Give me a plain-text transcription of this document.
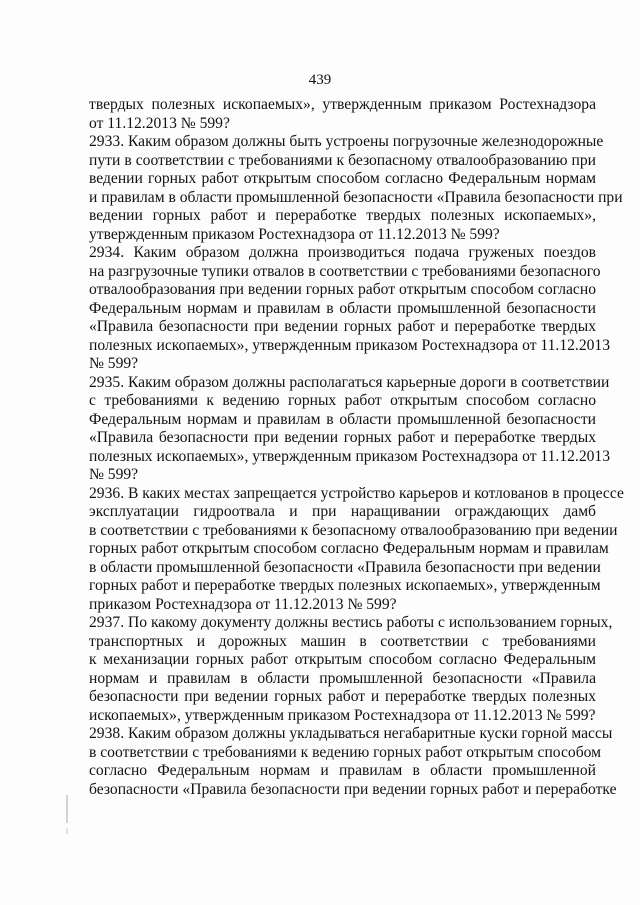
439
твердых полезных ископаемых», утвержденным приказом Ростехнадзора
от 11.12.2013 № 599?
2933. Каким образом должны быть устроены погрузочные железнодорожные
пути в соответствии с требованиями к безопасному отвалообразованию при
ведении горных работ открытым способом согласно Федеральным нормам
и правилам в области промышленной безопасности «Правила безопасности при
ведении горных работ и переработке твердых полезных ископаемых»,
утвержденным приказом Ростехнадзора от 11.12.2013 № 599?
2934. Каким образом должна производиться подача груженых поездов
на разгрузочные тупики отвалов в соответствии с требованиями безопасного
отвалообразования при ведении горных работ открытым способом согласно
Федеральным нормам и правилам в области промышленной безопасности
«Правила безопасности при ведении горных работ и переработке твердых
полезных ископаемых», утвержденным приказом Ростехнадзора от 11.12.2013
№ 599?
2935. Каким образом должны располагаться карьерные дороги в соответствии
с требованиями к ведению горных работ открытым способом согласно
Федеральным нормам и правилам в области промышленной безопасности
«Правила безопасности при ведении горных работ и переработке твердых
полезных ископаемых», утвержденным приказом Ростехнадзора от 11.12.2013
№ 599?
2936. В каких местах запрещается устройство карьеров и котлованов в процессе
эксплуатации гидроотвала и при наращивании ограждающих дамб
в соответствии с требованиями к безопасному отвалообразованию при ведении
горных работ открытым способом согласно Федеральным нормам и правилам
в области промышленной безопасности «Правила безопасности при ведении
горных работ и переработке твердых полезных ископаемых», утвержденным
приказом Ростехнадзора от 11.12.2013 № 599?
2937. По какому документу должны вестись работы с использованием горных,
транспортных и дорожных машин в соответствии с требованиями
к механизации горных работ открытым способом согласно Федеральным
нормам и правилам в области промышленной безопасности «Правила
безопасности при ведении горных работ и переработке твердых полезных
ископаемых», утвержденным приказом Ростехнадзора от 11.12.2013 № 599?
2938. Каким образом должны укладываться негабаритные куски горной массы
в соответствии с требованиями к ведению горных работ открытым способом
согласно Федеральным нормам и правилам в области промышленной
безопасности «Правила безопасности при ведении горных работ и переработке
